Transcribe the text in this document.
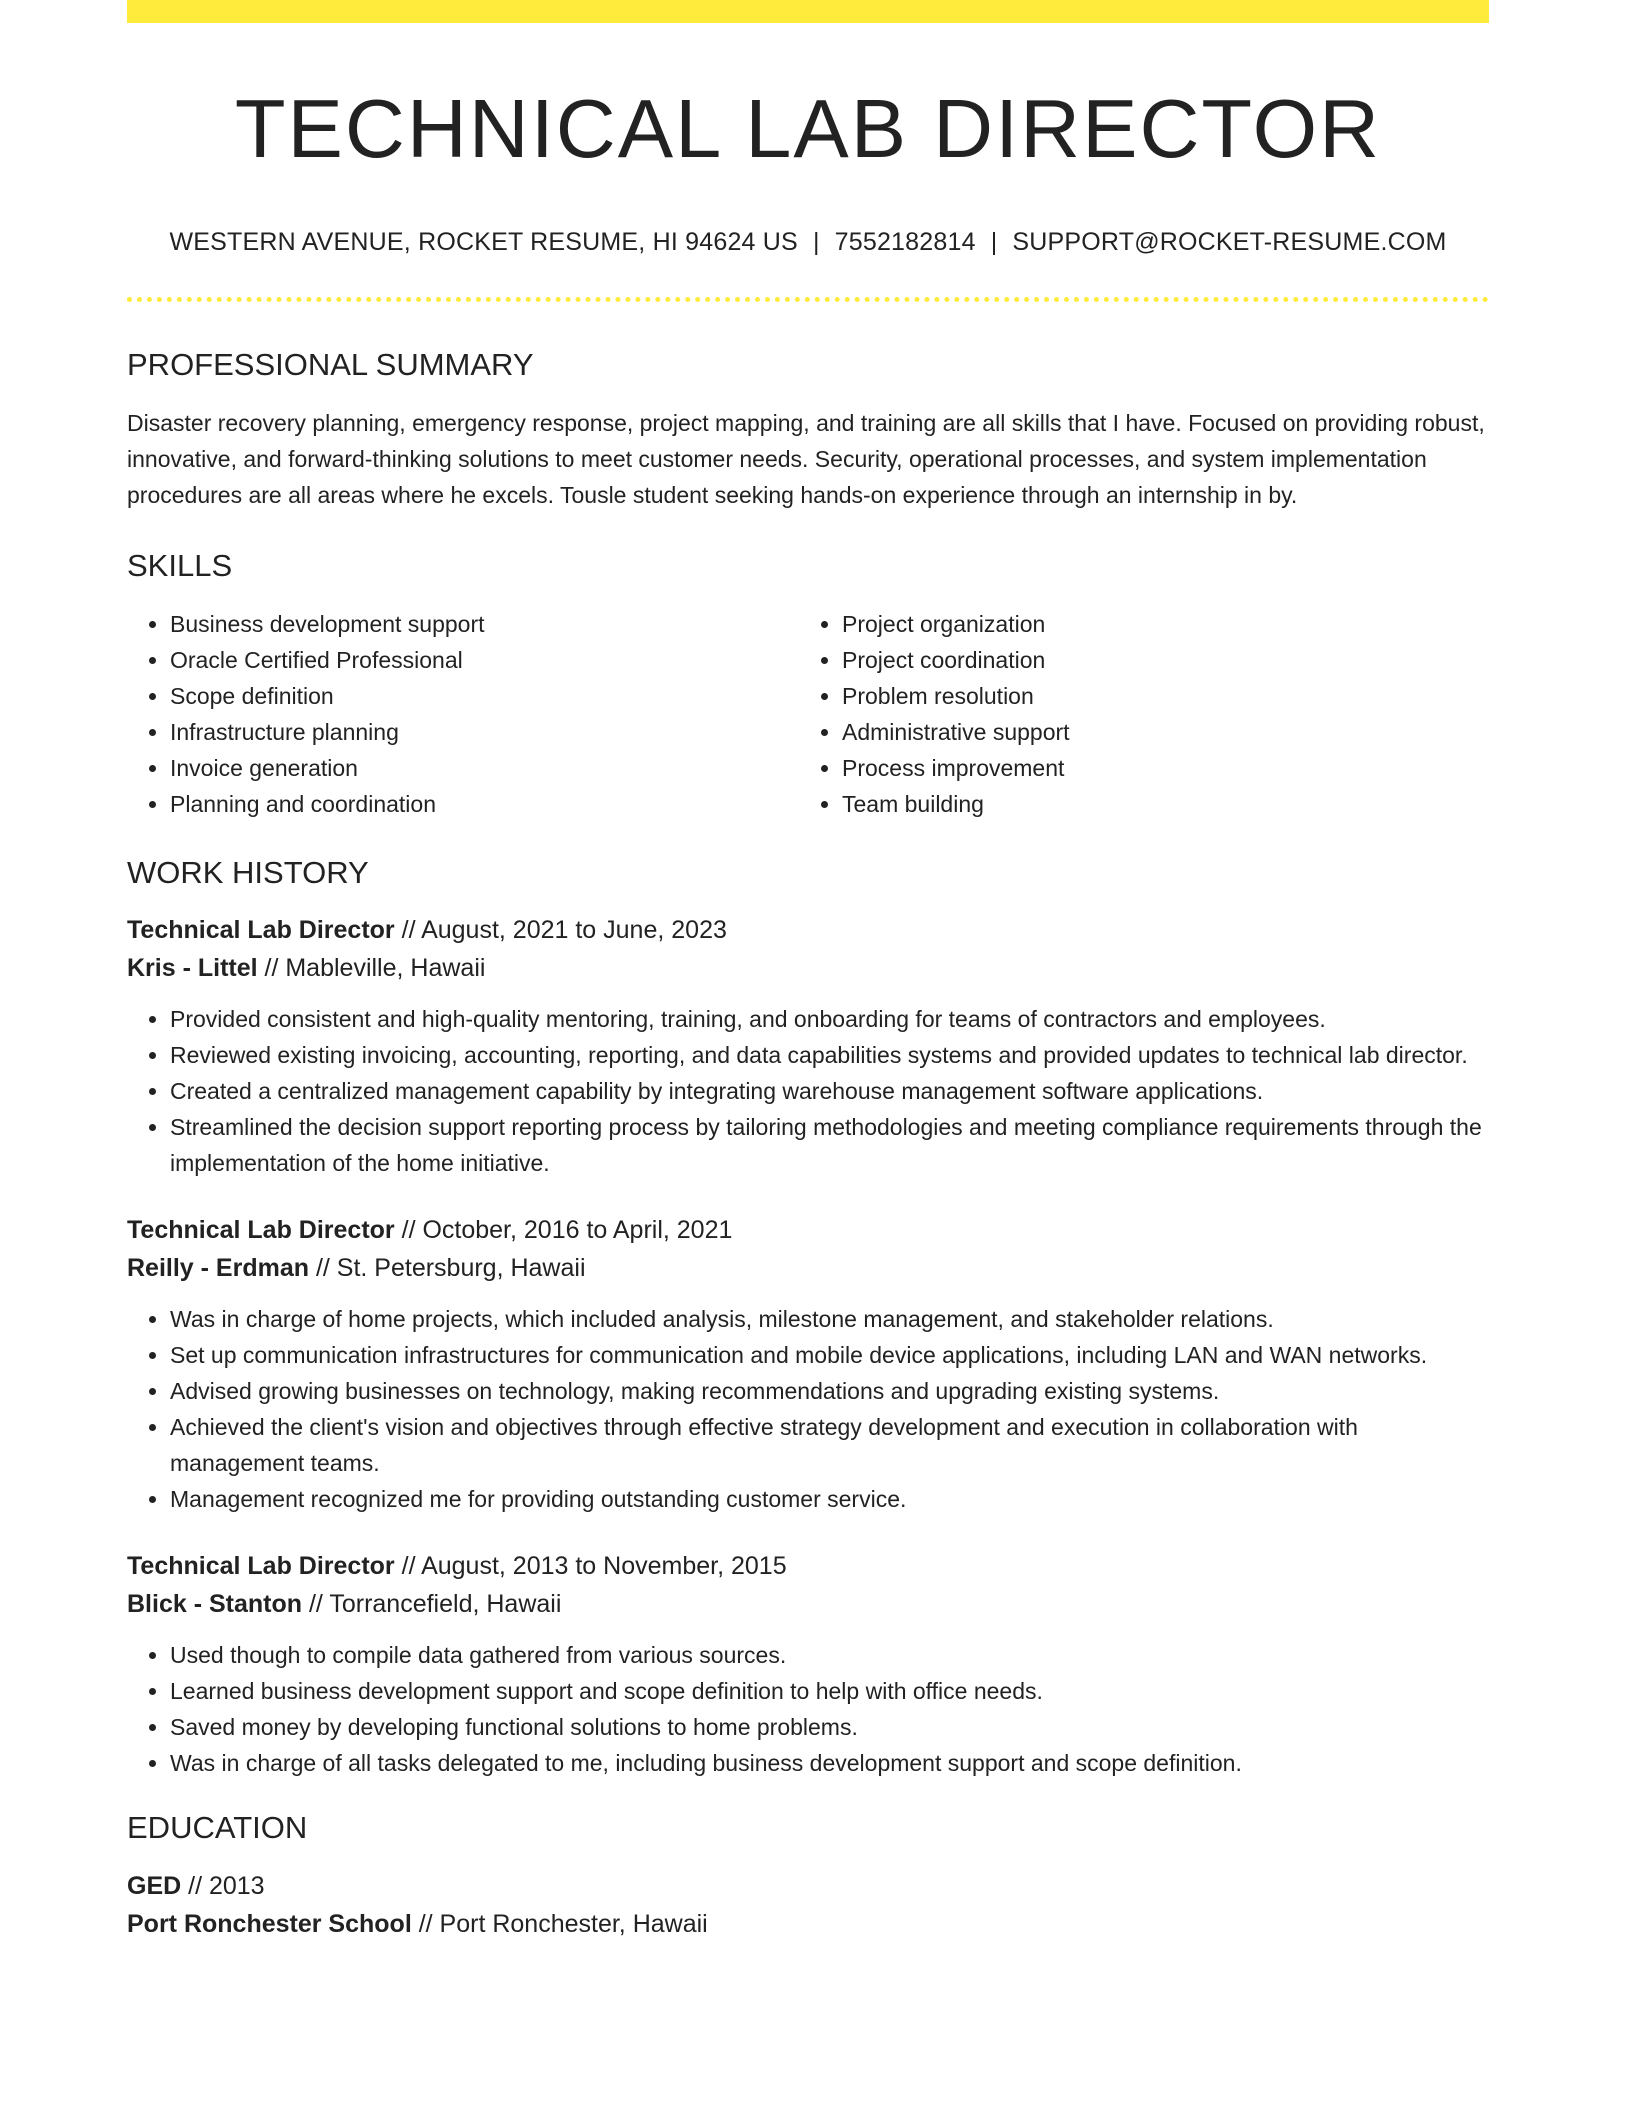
TECHNICAL LAB DIRECTOR
WESTERN AVENUE, ROCKET RESUME, HI 94624 US | 7552182814 | SUPPORT@ROCKET-RESUME.COM
PROFESSIONAL SUMMARY

Disaster recovery planning, emergency response, project mapping, and training are all skills that I have. Focused on providing robust, innovative, and forward-thinking solutions to meet customer needs. Security, operational processes, and system implementation procedures are all areas where he excels. Tousle student seeking hands-on experience through an internship in by.

SKILLS
• Business development support
• Oracle Certified Professional
• Scope definition
• Infrastructure planning
• Invoice generation
• Planning and coordination
• Project organization
• Project coordination
• Problem resolution
• Administrative support
• Process improvement
• Team building
WORK HISTORY
Technical Lab Director // August, 2021 to June, 2023
Kris - Littel // Mableville, Hawaii
• Provided consistent and high-quality mentoring, training, and onboarding for teams of contractors and employees.
• Reviewed existing invoicing, accounting, reporting, and data capabilities systems and provided updates to technical lab director.
• Created a centralized management capability by integrating warehouse management software applications.
• Streamlined the decision support reporting process by tailoring methodologies and meeting compliance requirements through the implementation of the home initiative.
Technical Lab Director // October, 2016 to April, 2021
Reilly - Erdman // St. Petersburg, Hawaii
• Was in charge of home projects, which included analysis, milestone management, and stakeholder relations.
• Set up communication infrastructures for communication and mobile device applications, including LAN and WAN networks.
• Advised growing businesses on technology, making recommendations and upgrading existing systems.
• Achieved the client's vision and objectives through effective strategy development and execution in collaboration with management teams.
• Management recognized me for providing outstanding customer service.
Technical Lab Director // August, 2013 to November, 2015
Blick - Stanton // Torrancefield, Hawaii
• Used though to compile data gathered from various sources.
• Learned business development support and scope definition to help with office needs.
• Saved money by developing functional solutions to home problems.
• Was in charge of all tasks delegated to me, including business development support and scope definition.
EDUCATION
GED // 2013
Port Ronchester School // Port Ronchester, Hawaii
